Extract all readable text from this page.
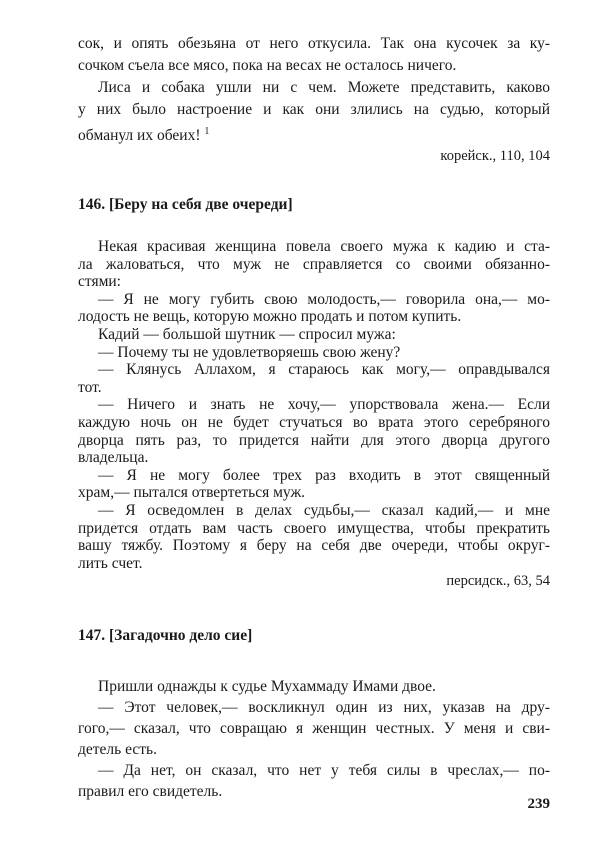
сок, и опять обезьяна от него откусила. Так она кусочек за ку-
сочком съела все мясо, пока на весах не осталось ничего.
Лиса и собака ушли ни с чем. Можете представить, каково
у них было настроение и как они злились на судью, который
обманул их обеих! $^1$
корейск., 110, 104
146. [Беру на себя две очереди]
Некая красивая женщина повела своего мужа к кадию и ста-
ла жаловаться, что муж не справляется со своими обязанно-
стями:
— Я не могу губить свою молодость,— говорила она,— мо-
лодость не вещь, которую можно продать и потом купить.
Кадий — большой шутник — спросил мужа:
— Почему ты не удовлетворяешь свою жену?
— Клянусь Аллахом, я стараюсь как могу,— оправдывался
тот.
— Ничего и знать не хочу,— упорствовала жена.— Если
каждую ночь он не будет стучаться во врата этого серебряного
дворца пять раз, то придется найти для этого дворца другого
владельца.
— Я не могу более трех раз входить в этот священный
храм,— пытался отвертеться муж.
— Я осведомлен в делах судьбы,— сказал кадий,— и мне
придется отдать вам часть своего имущества, чтобы прекратить
вашу тяжбу. Поэтому я беру на себя две очереди, чтобы округ-
лить счет.
персидск., 63, 54
147. [Загадочно дело сие]
Пришли однажды к судье Мухаммаду Имами двое.
— Этот человек,— воскликнул один из них, указав на дру-
гого,— сказал, что совращаю я женщин честных. У меня и сви-
детель есть.
— Да нет, он сказал, что нет у тебя силы в чреслах,— по-
правил его свидетель.
239
